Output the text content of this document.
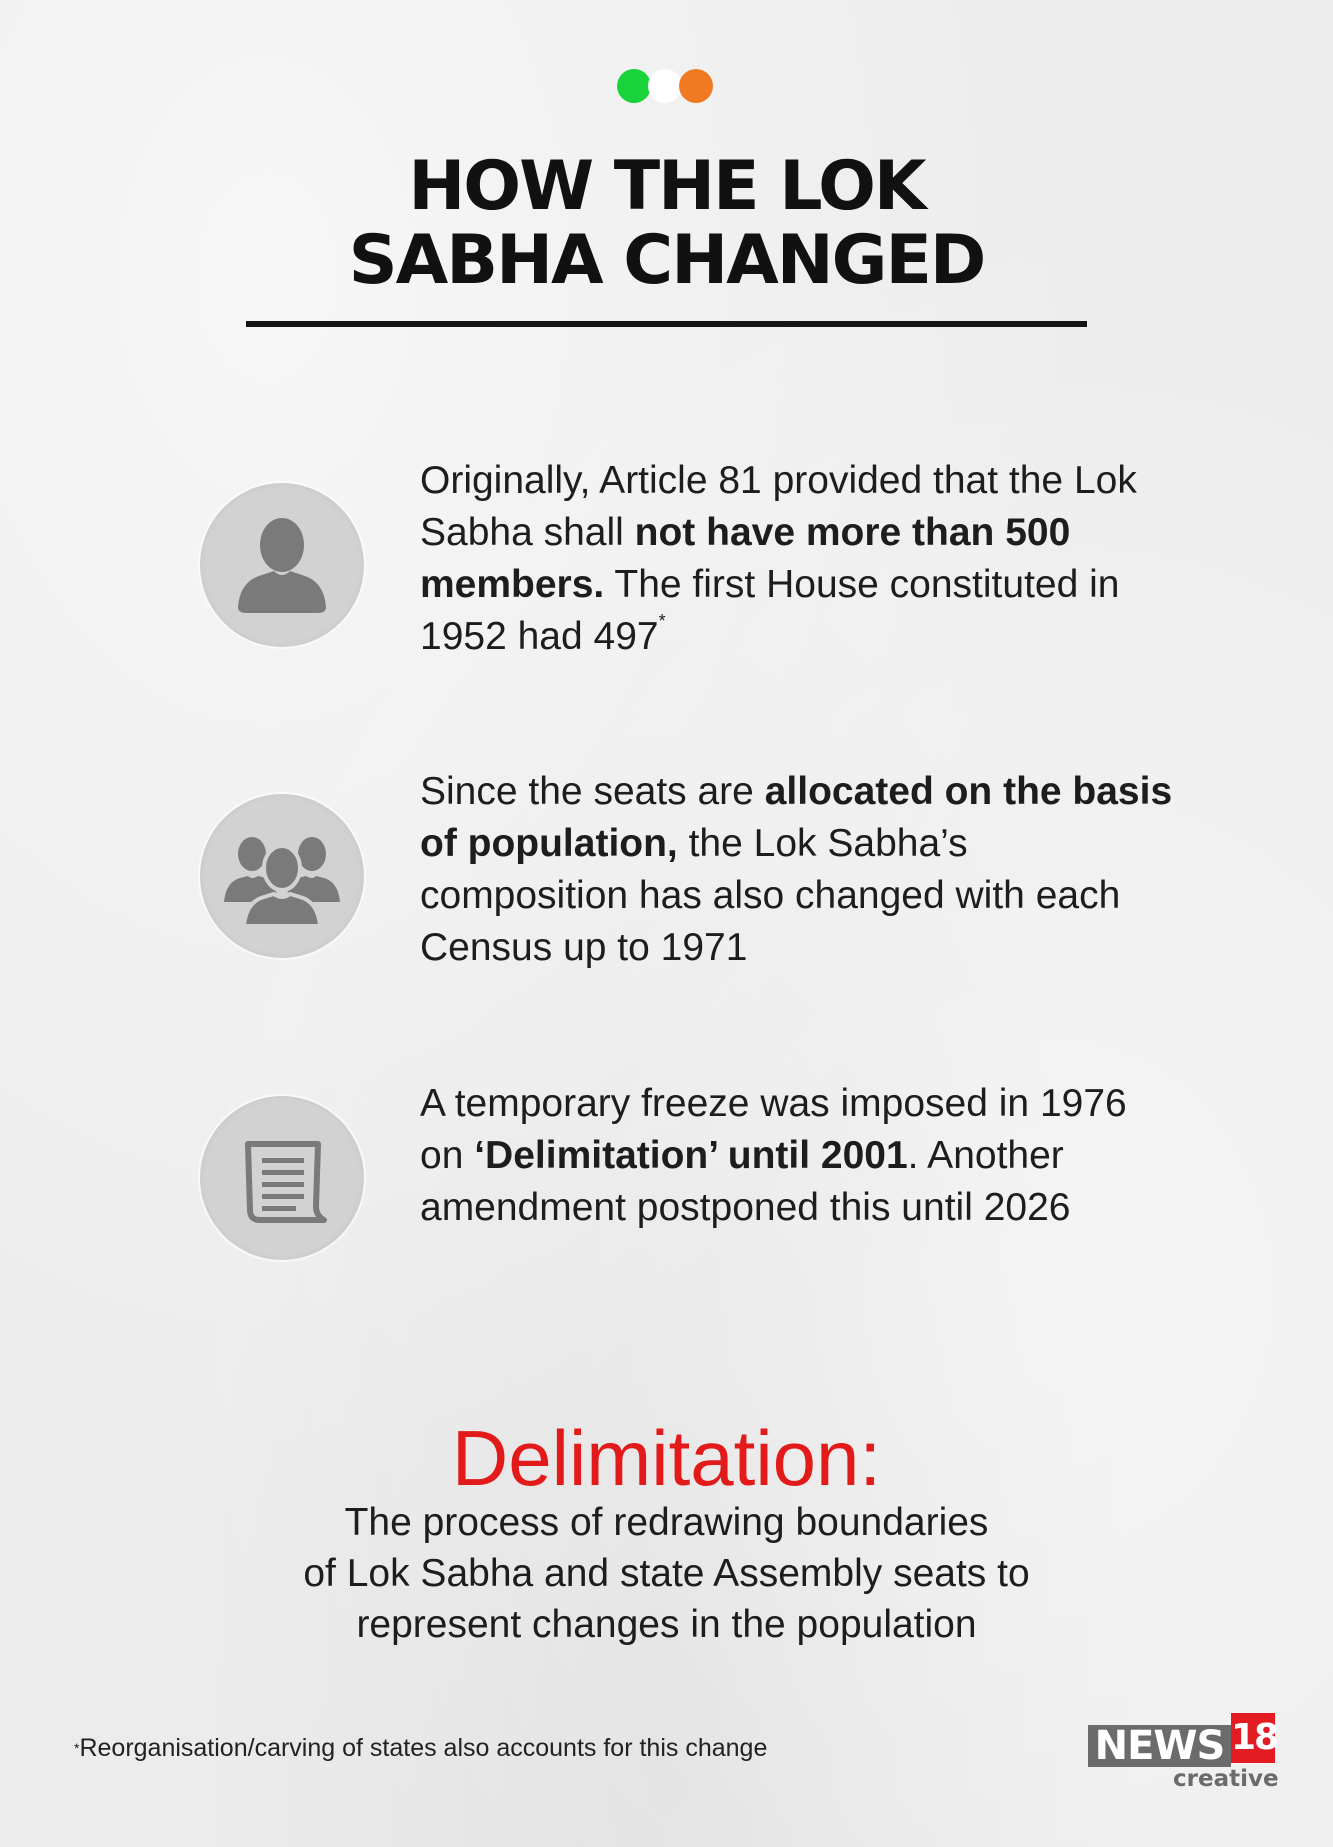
HOW THE LOK
SABHA CHANGED
Originally, Article 81 provided that the Lok Sabha shall not have more than 500 members. The first House constituted in 1952 had 497*
Since the seats are allocated on the basis of population, the Lok Sabha’s composition has also changed with each Census up to 1971
A temporary freeze was imposed in 1976 on ‘Delimitation’ until 2001. Another amendment postponed this until 2026
Delimitation:
The process of redrawing boundaries
of Lok Sabha and state Assembly seats to
represent changes in the population
*Reorganisation/carving of states also accounts for this change	NEWS 18
creative
